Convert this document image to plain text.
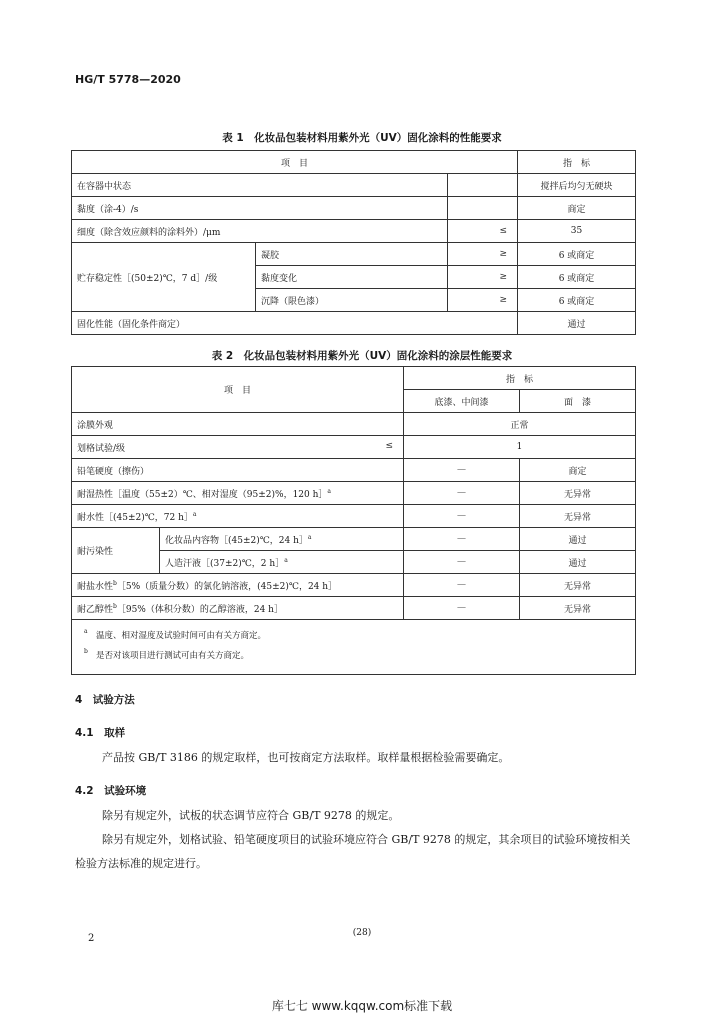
HG/T 5778—2020
表 1　化妆品包装材料用紫外光（UV）固化涂料的性能要求
项　目			指　标
在容器中状态			搅拌后均匀无硬块
黏度（涂-4）/s			商定
细度（除含效应颜料的涂料外）/μm		≤	35
贮存稳定性［(50±2)℃，7 d］/级	凝胶	≥	6 或商定
	黏度变化	≥	6 或商定
	沉降（限色漆）	≥	6 或商定
固化性能（固化条件商定）			通过
表 2　化妆品包装材料用紫外光（UV）固化涂料的涂层性能要求
项　目		指　标	
		底漆、中间漆	面　漆
涂膜外观		正常	
划格试验/级 ≤		1	
铅笔硬度（擦伤）		—	商定
耐湿热性［温度（55±2）℃、相对湿度（95±2)%，120 h］$^a$		—	无异常
耐水性［(45±2)℃，72 h］$^a$		—	无异常
耐污染性	化妆品内容物［(45±2)℃，24 h］$^a$	—	通过
	人造汗液［(37±2)℃，2 h］$^a$	—	通过
耐盐水性$^b$［5%（质量分数）的氯化钠溶液，(45±2)℃，24 h］		—	无异常
耐乙醇性$^b$［95%（体积分数）的乙醇溶液，24 h］		—	无异常

a 温度、相对湿度及试验时间可由有关方商定。
b 是否对该项目进行测试可由有关方商定。			
4　试验方法
4.1　取样
产品按 GB/T 3186 的规定取样，也可按商定方法取样。取样量根据检验需要确定。
4.2　试验环境
除另有规定外，试板的状态调节应符合 GB/T 9278 的规定。
除另有规定外，划格试验、铅笔硬度项目的试验环境应符合 GB/T 9278 的规定，其余项目的试验环境按相关检验方法标准的规定进行。
2	(28)
库七七 www.kqqw.com标准下载
